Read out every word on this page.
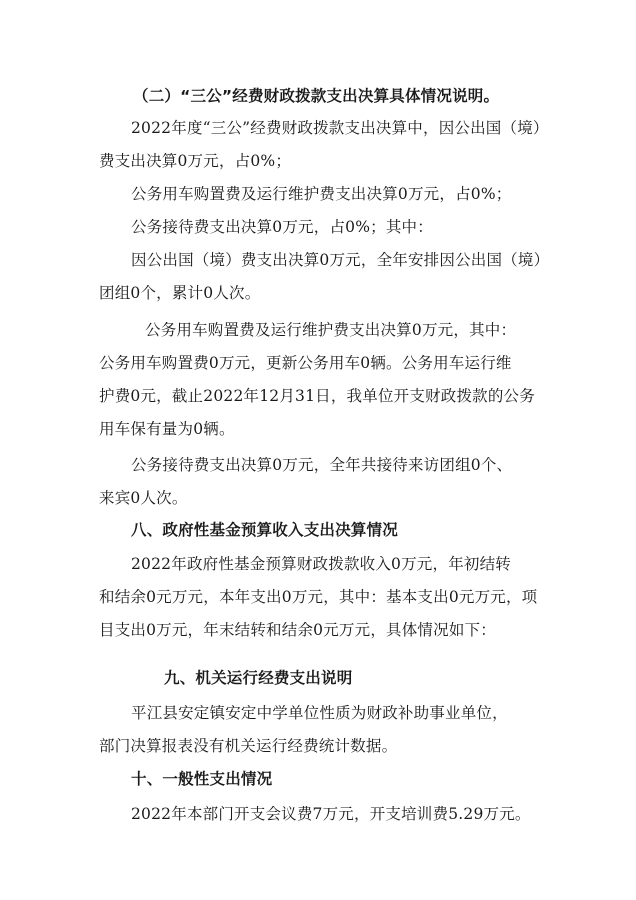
（二）“三公”经费财政拨款支出决算具体情况说明。
2022年度“三公”经费财政拨款支出决算中，因公出国（境）
费支出决算0万元，占0%；
公务用车购置费及运行维护费支出决算0万元，占0%；
公务接待费支出决算0万元，占0%；其中：
因公出国（境）费支出决算0万元，全年安排因公出国（境）
团组0个，累计0人次。
公务用车购置费及运行维护费支出决算0万元，其中：
公务用车购置费0万元，更新公务用车0辆。公务用车运行维
护费0元，截止2022年12月31日，我单位开支财政拨款的公务
用车保有量为0辆。
公务接待费支出决算0万元，全年共接待来访团组0个、
来宾0人次。
八、政府性基金预算收入支出决算情况
2022年政府性基金预算财政拨款收入0万元，年初结转
和结余0元万元，本年支出0万元，其中：基本支出0元万元，项
目支出0万元，年末结转和结余0元万元，具体情况如下：
九、机关运行经费支出说明
平江县安定镇安定中学单位性质为财政补助事业单位，
部门决算报表没有机关运行经费统计数据。
十、一般性支出情况
2022年本部门开支会议费7万元，开支培训费5.29万元。
